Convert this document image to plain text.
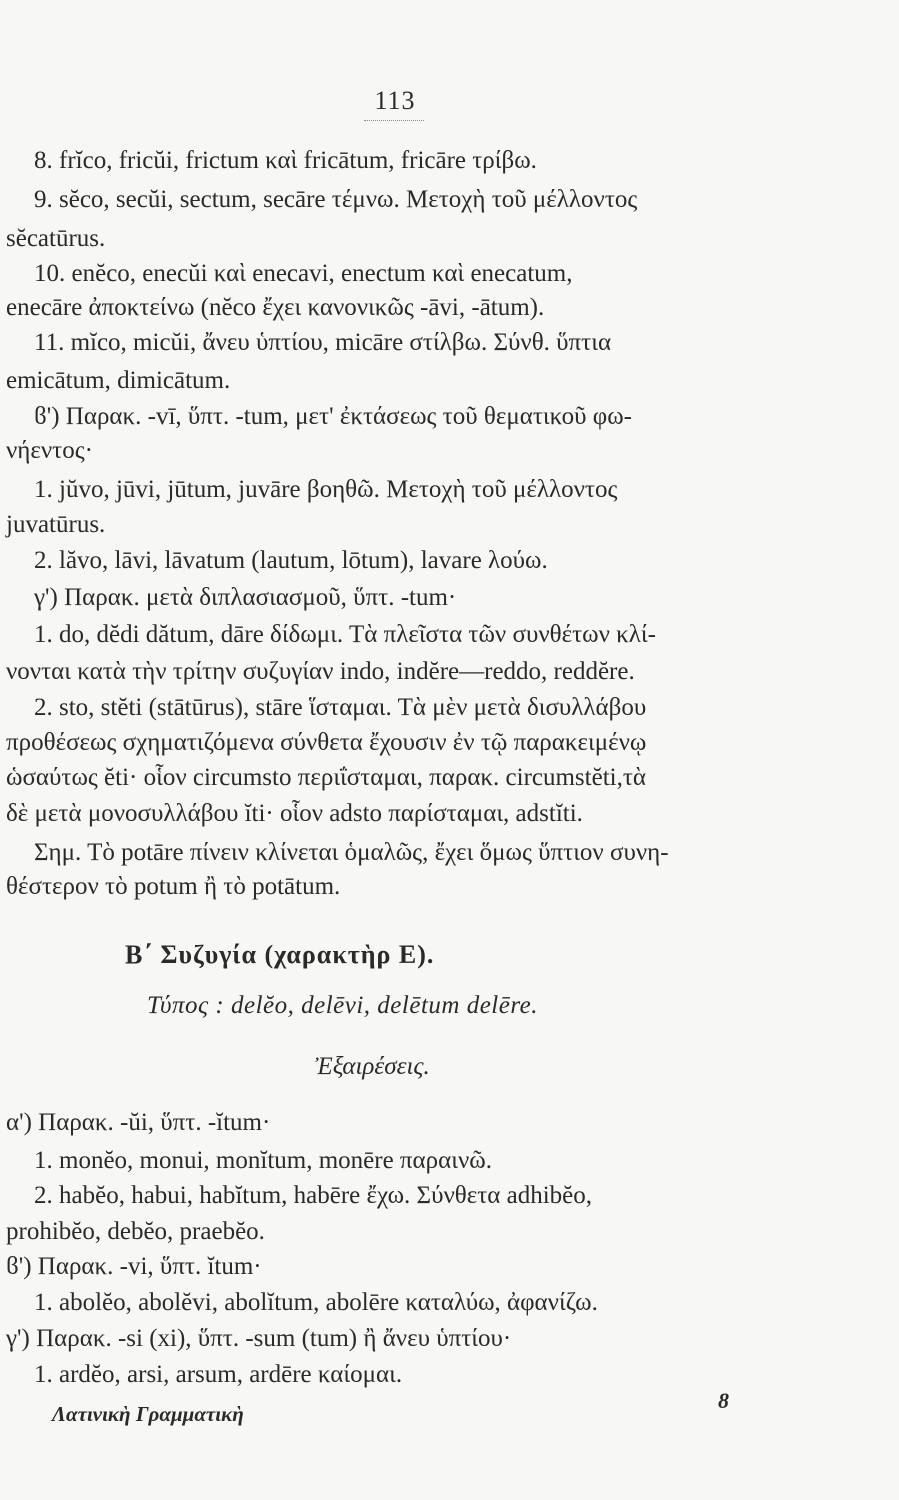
113
8. frĭco, fricŭi, frictum καὶ fricātum, fricāre τρίβω.
9. sĕco, secŭi, sectum, secāre τέμνω. Μετοχὴ τοῦ μέλλοντος
sĕcatūrus.
10. enĕco, enecŭi καὶ enecavi, enectum καὶ enecatum,
enecāre ἀποκτείνω (nĕco ἔχει κανονικῶς -āvi, -ātum).
11. mĭco, micŭi, ἄνευ ὑπτίου, micāre στίλβω. Σύνθ. ὕπτια
emicātum, dimicātum.
ϐ') Παρακ. -vī, ὕπτ. -tum, μετ' ἐκτάσεως τοῦ θεματικοῦ φω-
νήεντος·
1. jŭvo, jūvi, jūtum, juvāre βοηθῶ. Μετοχὴ τοῦ μέλλοντος
juvatūrus.
2. lăvo, lāvi, lāvatum (lautum, lōtum), lavare λούω.
γ') Παρακ. μετὰ διπλασιασμοῦ, ὕπτ. -tum·
1. do, dĕdi dătum, dāre δίδωμι. Τὰ πλεῖστα τῶν συνθέτων κλί-
νονται κατὰ τὴν τρίτην συζυγίαν indo, indĕre—reddo, reddĕre.
2. sto, stĕti (stātūrus), stāre ἵσταμαι. Τὰ μὲν μετὰ δισυλλάβου
προθέσεως σχηματιζόμενα σύνθετα ἔχουσιν ἐν τῷ παρακειμένῳ
ὡσαύτως ĕti· οἷον circumsto περιΐσταμαι, παρακ. circumstĕti,τὰ
δὲ μετὰ μονοσυλλάβου ĭti· οἷον adsto παρίσταμαι, adstĭti.
Σημ. Τὸ potāre πίνειν κλίνεται ὁμαλῶς, ἔχει ὅμως ὕπτιον συνη-
θέστερον τὸ potum ἢ τὸ potātum.
Β΄ Συζυγία (χαρακτὴρ Ε).
Τύπος : delĕo, delēvi, delētum delēre.
Ἐξαιρέσεις.
α') Παρακ. -ŭi, ὕπτ. -ĭtum·
1. monĕo, monui, monĭtum, monēre παραινῶ.
2. habĕo, habui, habĭtum, habēre ἔχω. Σύνθετα adhibĕo,
prohibĕo, debĕo, praebĕo.
ϐ') Παρακ. -vi, ὕπτ. ĭtum·
1. abolĕo, abolĕvi, abolĭtum, abolēre καταλύω, ἀφανίζω.
γ') Παρακ. -si (xi), ὕπτ. -sum (tum) ἢ ἄνευ ὑπτίου·
1. ardĕo, arsi, arsum, ardēre καίομαι.
Λατινικὴ Γραμματικὴ
8
